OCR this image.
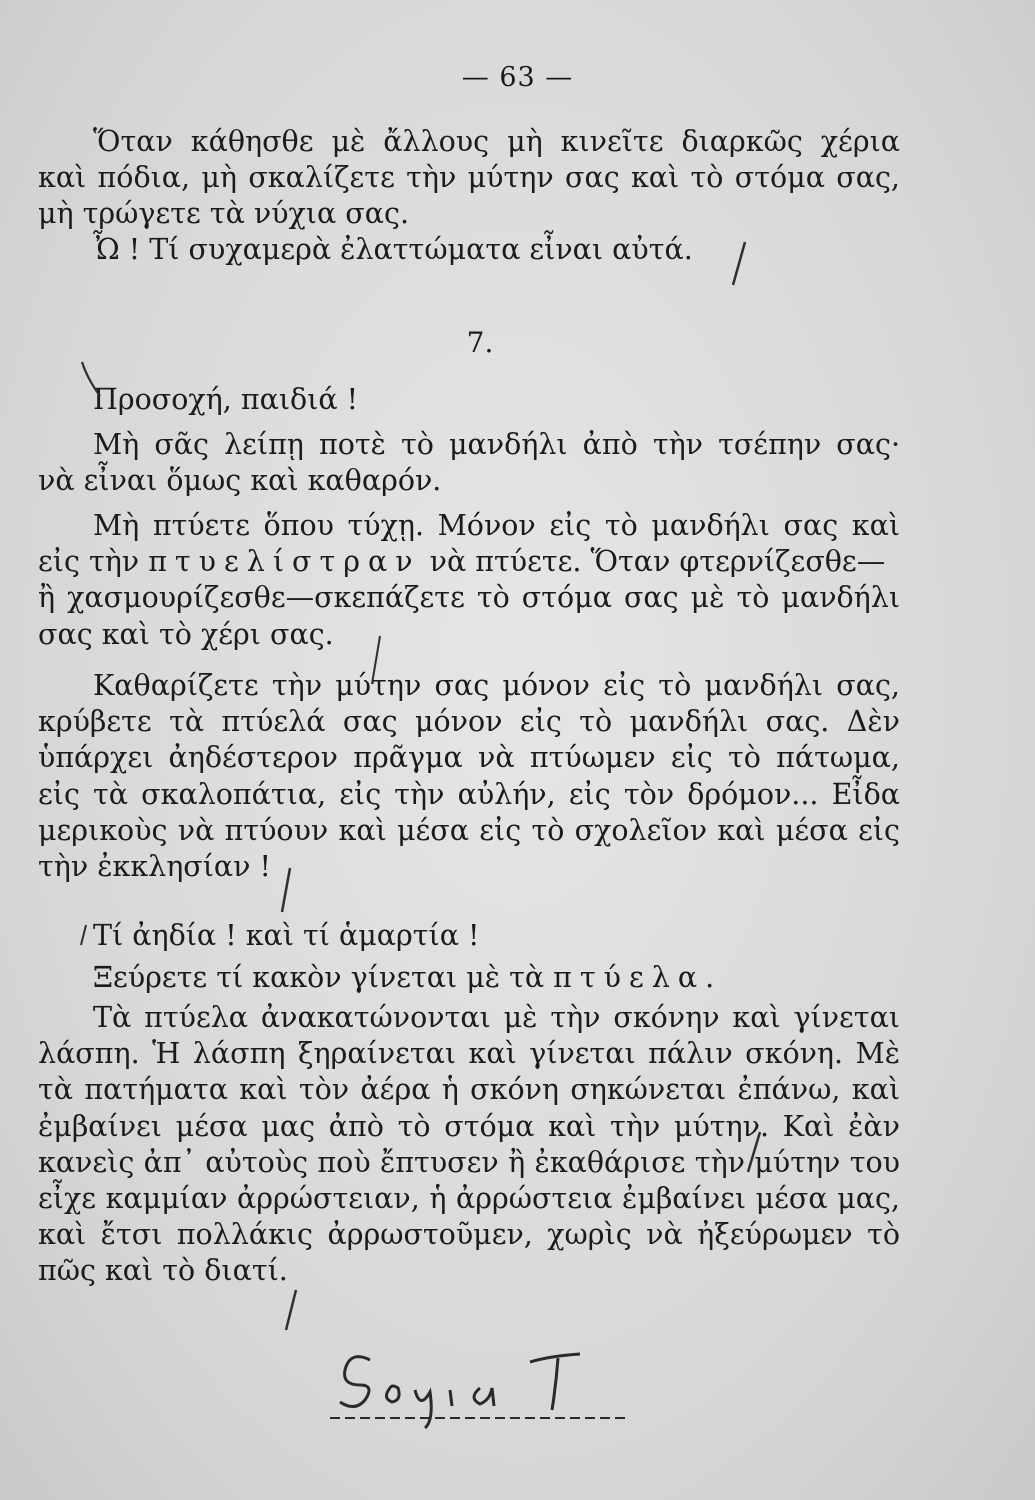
— 63 —
Ὅταν κάθησθε μὲ ἄλλους μὴ κινεῖτε διαρκῶς χέρια
καὶ πόδια, μὴ σκαλίζετε τὴν μύτην σας καὶ τὸ στόμα σας,
μὴ τρώγετε τὰ νύχια σας.
Ὦ ! Τί συχαμερὰ ἐλαττώματα εἶναι αὐτά.
7.
Προσοχή, παιδιά !
Μὴ σᾶς λείπῃ ποτὲ τὸ μανδήλι ἀπὸ τὴν τσέπην σας·
νὰ εἶναι ὅμως καὶ καθαρόν.
Μὴ πτύετε ὅπου τύχῃ. Μόνον εἰς τὸ μανδήλι σας καὶ
εἰς τὴν πτυελίστραν νὰ πτύετε. Ὅταν φτερνίζεσθε—
ἢ χασμουρίζεσθε—σκεπάζετε τὸ στόμα σας μὲ τὸ μανδήλι
σας καὶ τὸ χέρι σας.
Καθαρίζετε τὴν μύτην σας μόνον εἰς τὸ μανδήλι σας,
κρύβετε τὰ πτύελά σας μόνον εἰς τὸ μανδήλι σας. Δὲν
ὑπάρχει ἀηδέστερον πρᾶγμα νὰ πτύωμεν εἰς τὸ πάτωμα,
εἰς τὰ σκαλοπάτια, εἰς τὴν αὐλήν, εἰς τὸν δρόμον... Εἶδα
μερικοὺς νὰ πτύουν καὶ μέσα εἰς τὸ σχολεῖον καὶ μέσα εἰς
τὴν ἐκκλησίαν !
Τί ἀηδία ! καὶ τί ἁμαρτία !
Ξεύρετε τί κακὸν γίνεται μὲ τὰ πτύελα.
Τὰ πτύελα ἀνακατώνονται μὲ τὴν σκόνην καὶ γίνεται
λάσπη. Ἡ λάσπη ξηραίνεται καὶ γίνεται πάλιν σκόνη. Μὲ
τὰ πατήματα καὶ τὸν ἀέρα ἡ σκόνη σηκώνεται ἐπάνω, καὶ
ἐμβαίνει μέσα μας ἀπὸ τὸ στόμα καὶ τὴν μύτην. Καὶ ἐὰν
κανεὶς ἀπ᾽ αὐτοὺς ποὺ ἔπτυσεν ἢ ἐκαθάρισε τὴν μύτην του
εἶχε καμμίαν ἀρρώστειαν, ἡ ἀρρώστεια ἐμβαίνει μέσα μας,
καὶ ἔτσι πολλάκις ἀρρωστοῦμεν, χωρὶς νὰ ἠξεύρωμεν τὸ
πῶς καὶ τὸ διατί.
